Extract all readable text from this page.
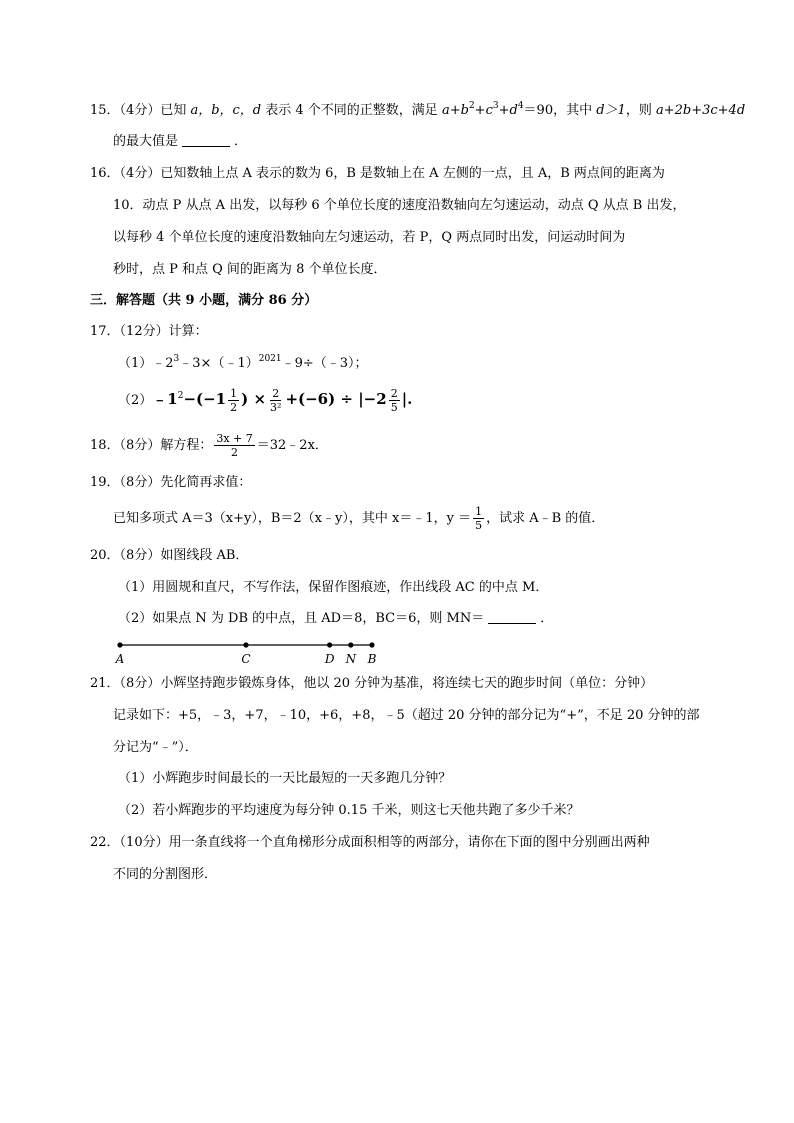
15．（4分）已知 a，b，c，d 表示 4 个不同的正整数，满足 $a+b^2+c^3+d^4=90$，其中 d＞1，则 a+2b+3c+4d
的最大值是	．
16．（4分）已知数轴上点 A 表示的数为 6，B 是数轴上在 A 左侧的一点，且 A，B 两点间的距离为
10．动点 P 从点 A 出发，以每秒 6 个单位长度的速度沿数轴向左匀速运动，动点 Q 从点 B 出发，
以每秒 4 个单位长度的速度沿数轴向左匀速运动，若 P，Q 两点同时出发，问运动时间为
秒时，点 P 和点 Q 间的距离为 8 个单位长度．
三．解答题（共 9 小题，满分 86 分）
17．（12分）计算：
$(1)﹣2^3﹣3\times(﹣1)^{2021}﹣9\div(﹣3)$；
$(2)﹣1^2-(-1 \frac{1}{2}$ ) × $\frac{2}{\text{3²}} +(-6) \div |-2 \frac{2}{5}$ |.
18．（8分）解方程： $\frac{3x + 7}{2}$ ＝32﹣2x．
19．（8分）先化简再求值：
已知多项式 A＝3（x+y），B＝2（x﹣y），其中 x＝﹣1，$y = \frac{1}{5}$ ，试求 A﹣B 的值．
20．（8分）如图线段 AB．
（1）用圆规和直尺，不写作法，保留作图痕迹，作出线段 AC 的中点 M．
（2）如果点 N 为 DB 的中点，且 AD＝8，BC＝6，则 MN＝	．
A	C	D N B
21．（8分）小辉坚持跑步锻炼身体，他以 20 分钟为基准，将连续七天的跑步时间（单位：分钟）
记录如下：+5，﹣3，+7，﹣10，+6，+8，﹣5（超过 20 分钟的部分记为“+”，不足 20 分钟的部
分记为“﹣”）．
（1）小辉跑步时间最长的一天比最短的一天多跑几分钟？
（2）若小辉跑步的平均速度为每分钟 0.15 千米，则这七天他共跑了多少千米？
22．（10分）用一条直线将一个直角梯形分成面积相等的两部分，请你在下面的图中分别画出两种
不同的分割图形．
